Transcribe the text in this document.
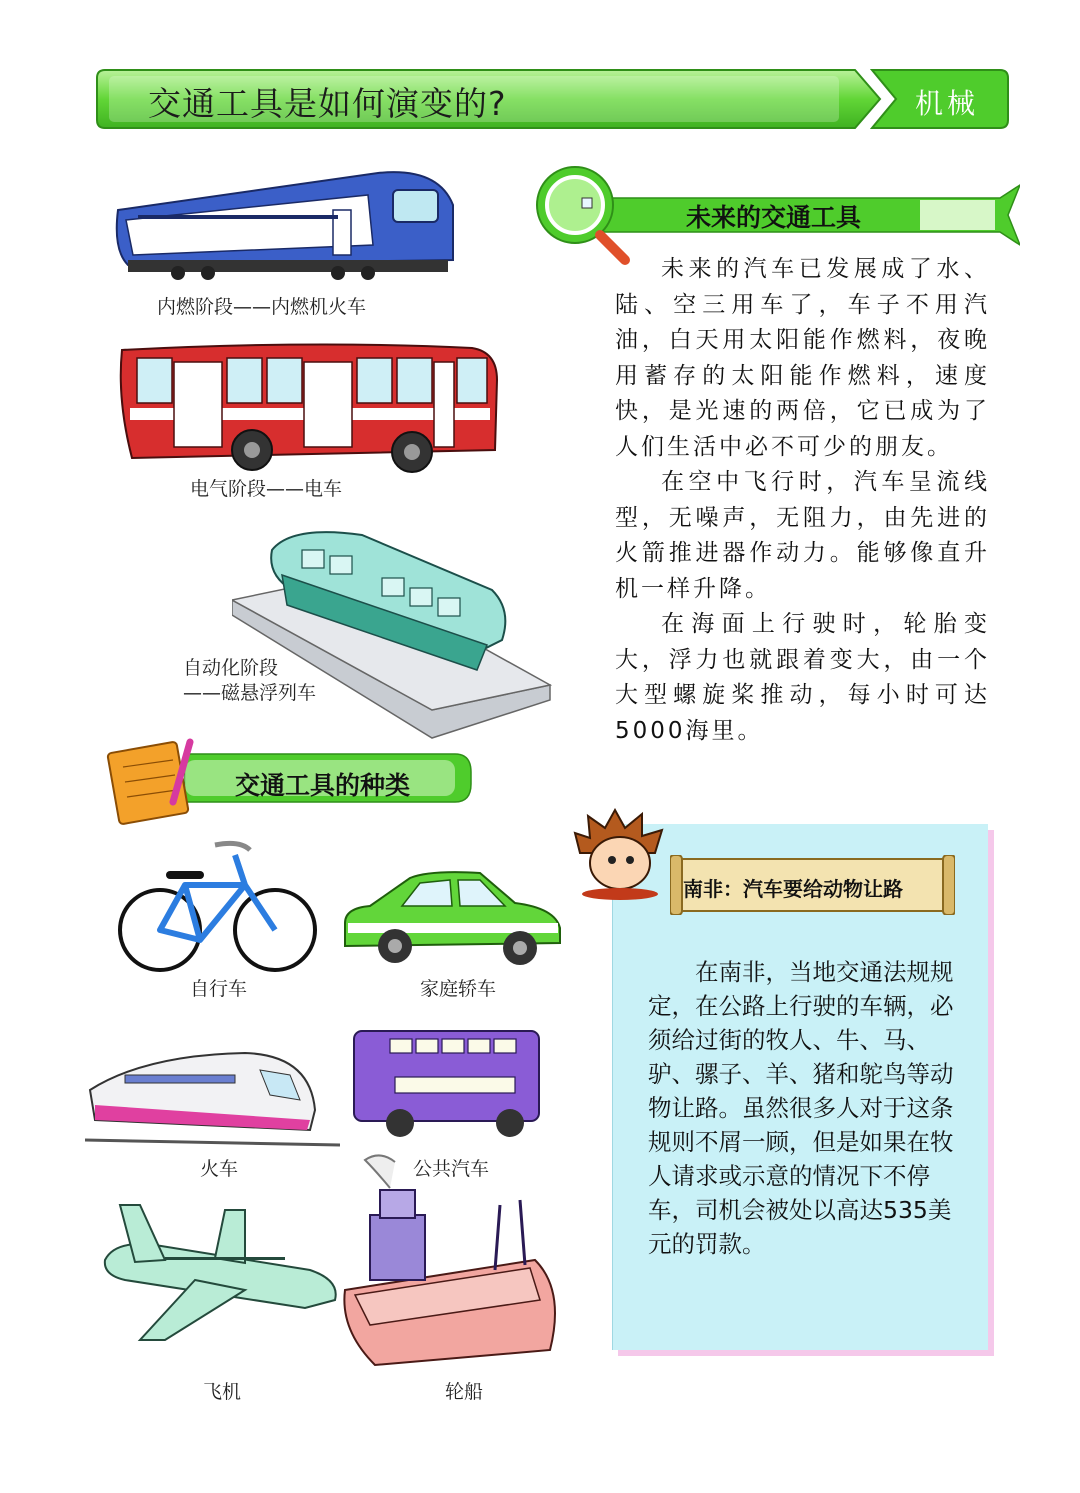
交通工具是如何演变的?	机械
内燃阶段——内燃机火车
电气阶段——电车
自动化阶段
——磁悬浮列车
未来的交通工具

未来的汽车已发展成了水、陆、空三用车了，车子不用汽油，白天用太阳能作燃料，夜晚用蓄存的太阳能作燃料，速度快，是光速的两倍，它已成为了人们生活中必不可少的朋友。

在空中飞行时，汽车呈流线型，无噪声，无阻力，由先进的火箭推进器作动力。能够像直升机一样升降。

在海面上行驶时，轮胎变大，浮力也就跟着变大，由一个大型螺旋桨推动，每小时可达5000海里。

交通工具的种类
自行车	家庭轿车
火车	公共汽车
飞机	轮船
南非：汽车要给动物让路

在南非，当地交通法规规定，在公路上行驶的车辆，必须给过街的牧人、牛、马、驴、骡子、羊、猪和鸵鸟等动物让路。虽然很多人对于这条规则不屑一顾，但是如果在牧人请求或示意的情况下不停车，司机会被处以高达535美元的罚款。
